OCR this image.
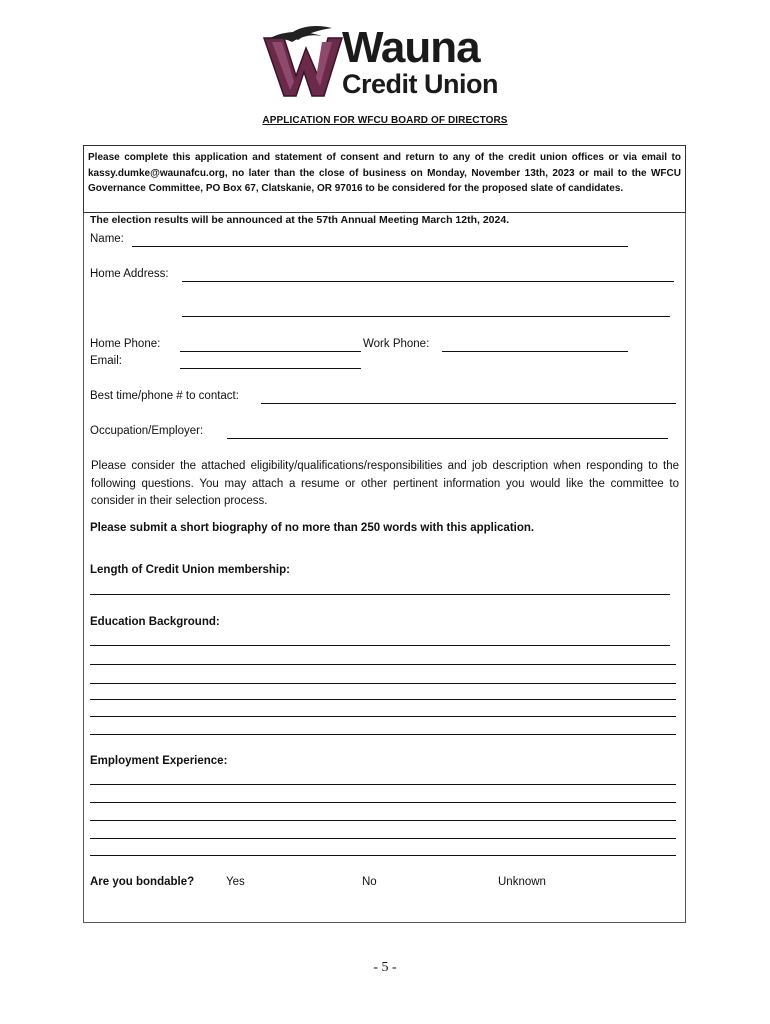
Wauna
Credit Union
APPLICATION FOR WFCU BOARD OF DIRECTORS
Please complete this application and statement of consent and return to any of the credit union offices or via email to kassy.dumke@waunafcu.org, no later than the close of business on Monday, November 13th, 2023 or mail to the WFCU Governance Committee, PO Box 67, Clatskanie, OR 97016 to be considered for the proposed slate of candidates.
The election results will be announced at the 57th Annual Meeting March 12th, 2024.
Name:
Home Address:
Home Phone:	Work Phone:
Email:
Best time/phone # to contact:
Occupation/Employer:
Please consider the attached eligibility/qualifications/responsibilities and job description when responding to the following questions. You may attach a resume or other pertinent information you would like the committee to consider in their selection process.
Please submit a short biography of no more than 250 words with this application.
Length of Credit Union membership:
Education Background:
Employment Experience:
Are you bondable?	Yes	No	Unknown
- 5 -
